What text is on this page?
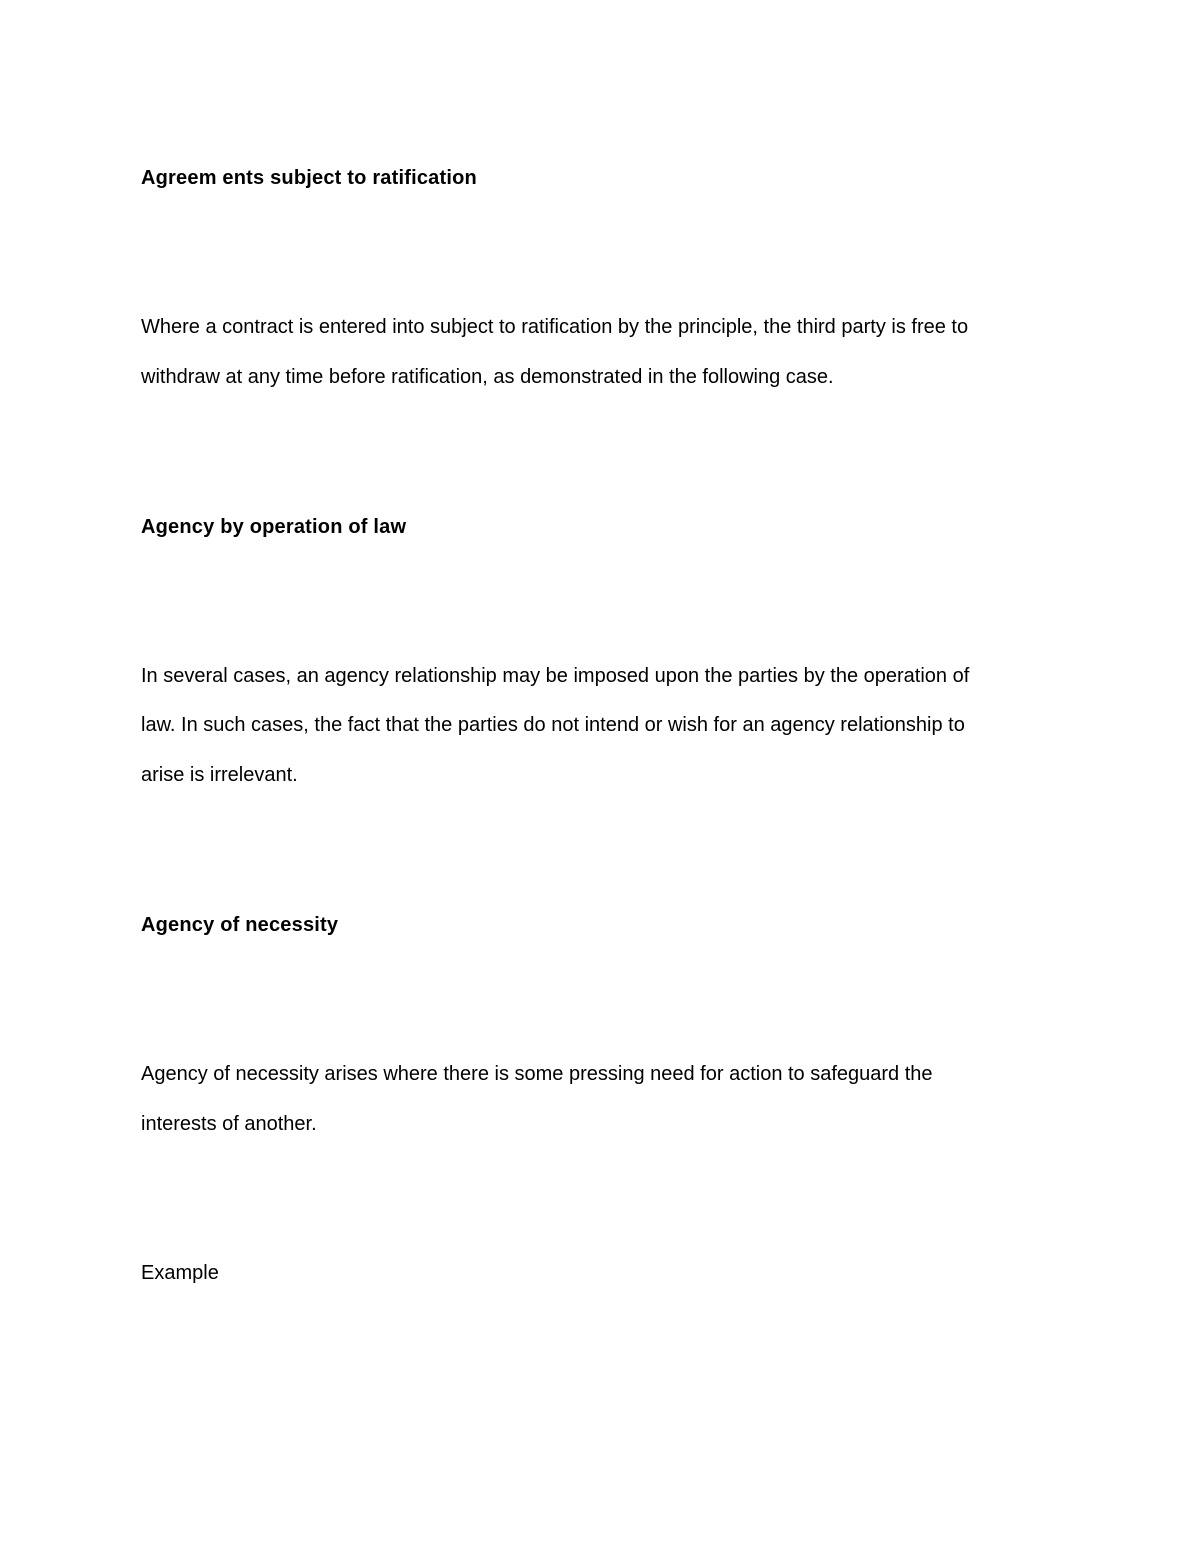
Agreem ents subject to ratification
Where a contract is entered into subject to ratification by the principle, the third party is free to
withdraw at any time before ratification, as demonstrated in the following case.
Agency by operation of law
In several cases, an agency relationship may be imposed upon the parties by the operation of
law. In such cases, the fact that the parties do not intend or wish for an agency relationship to
arise is irrelevant.
Agency of necessity
Agency of necessity arises where there is some pressing need for action to safeguard the
interests of another.
Example
